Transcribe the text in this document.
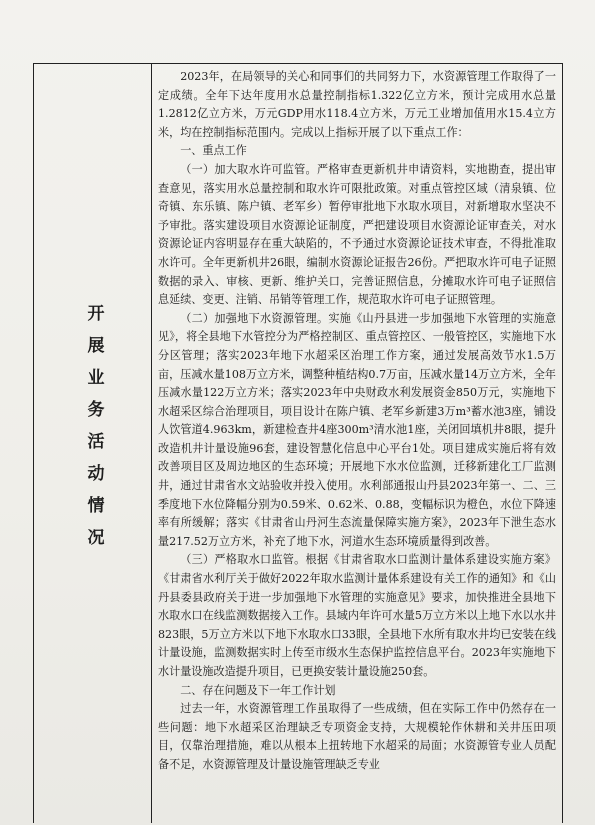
开
展
业
务
活
动
情
况

2023年，在局领导的关心和同事们的共同努力下，水资源管理工作取得了一定成绩。全年下达年度用水总量控制指标1.322亿立方米，预计完成用水总量1.2812亿立方米，万元GDP用水118.4立方米，万元工业增加值用水15.4立方米，均在控制指标范围内。完成以上指标开展了以下重点工作：

一、重点工作

（一）加大取水许可监管。严格审查更新机井申请资料，实地勘查，提出审查意见，落实用水总量控制和取水许可限批政策。对重点管控区域（清泉镇、位奇镇、东乐镇、陈户镇、老军乡）暂停审批地下水取水项目，对新增取水坚决不予审批。落实建设项目水资源论证制度，严把建设项目水资源论证审查关，对水资源论证内容明显存在重大缺陷的，不予通过水资源论证技术审查，不得批准取水许可。全年更新机井26眼，编制水资源论证报告26份。严把取水许可电子证照数据的录入、审核、更新、维护关口，完善证照信息，分摊取水许可电子证照信息延续、变更、注销、吊销等管理工作，规范取水许可电子证照管理。

（二）加强地下水资源管理。实施《山丹县进一步加强地下水管理的实施意见》，将全县地下水管控分为严格控制区、重点管控区、一般管控区，实施地下水分区管理；落实2023年地下水超采区治理工作方案，通过发展高效节水1.5万亩，压减水量108万立方米，调整种植结构0.7万亩，压减水量14万立方米，全年压减水量122万立方米；落实2023年中央财政水利发展资金850万元，实施地下水超采区综合治理项目，项目设计在陈户镇、老军乡新建3万m³蓄水池3座，铺设人饮管道4.963km，新建检查井4座300m³清水池1座，关闭回填机井8眼，提升改造机井计量设施96套，建设智慧化信息中心平台1处。项目建成实施后将有效改善项目区及周边地区的生态环境；开展地下水水位监测，迁移新建化工厂监测井，通过甘肃省水文站验收并投入使用。水利部通报山丹县2023年第一、二、三季度地下水位降幅分别为0.59米、0.62米、0.88，变幅标识为橙色，水位下降速率有所缓解；落实《甘肃省山丹河生态流量保障实施方案》，2023年下泄生态水量217.52万立方米，补充了地下水，河道水生态环境质量得到改善。

（三）严格取水口监管。根据《甘肃省取水口监测计量体系建设实施方案》《甘肃省水利厅关于做好2022年取水监测计量体系建设有关工作的通知》和《山丹县委县政府关于进一步加强地下水管理的实施意见》要求，加快推进全县地下水取水口在线监测数据接入工作。县域内年许可水量5万立方米以上地下水以水井823眼，5万立方米以下地下水取水口33眼，全县地下水所有取水井均已安装在线计量设施，监测数据实时上传至市级水生态保护监控信息平台。2023年实施地下水计量设施改造提升项目，已更换安装计量设施250套。

二、存在问题及下一年工作计划

过去一年，水资源管理工作虽取得了一些成绩，但在实际工作中仍然存在一些问题：地下水超采区治理缺乏专项资金支持，大规模轮作休耕和关井压田项目，仅靠治理措施，难以从根本上扭转地下水超采的局面；水资源管专业人员配备不足，水资源管理及计量设施管理缺乏专业
